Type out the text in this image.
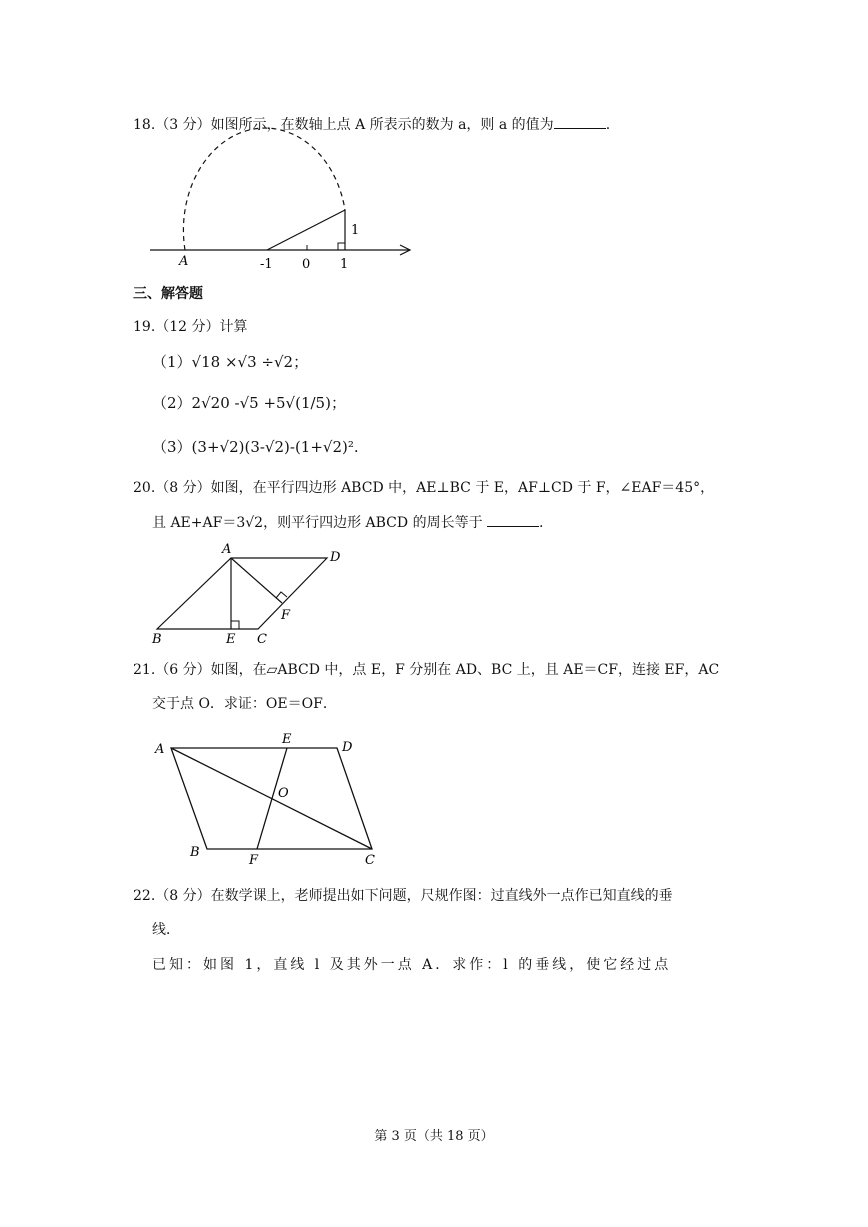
18.（3 分）如图所示，在数轴上点 A 所表示的数为 a，则 a 的值为	.
A	-1 0 1
1
三、解答题
19.（12 分）计算
（1）√18 ×√3 ÷√2；
（2）2√20 -√5 +5√(1/5)；
（3）(3+√2)(3-√2)-(1+√2)².
20.（8 分）如图，在平行四边形 ABCD 中，AE⊥BC 于 E，AF⊥CD 于 F，∠EAF＝45°，
且 AE+AF＝3√2，则平行四边形 ABCD 的周长等于	.
A
D
F
B	E C
21.（6 分）如图，在▱ABCD 中，点 E，F 分别在 AD、BC 上，且 AE＝CF，连接 EF，AC
交于点 O．求证：OE＝OF．
A
E
D
O
B
F	C
22.（8 分）在数学课上，老师提出如下问题，尺规作图：过直线外一点作已知直线的垂
线．
已知：如图 1，直线 l 及其外一点 A．求作：l 的垂线，使它经过点
第 3 页（共 18 页）
